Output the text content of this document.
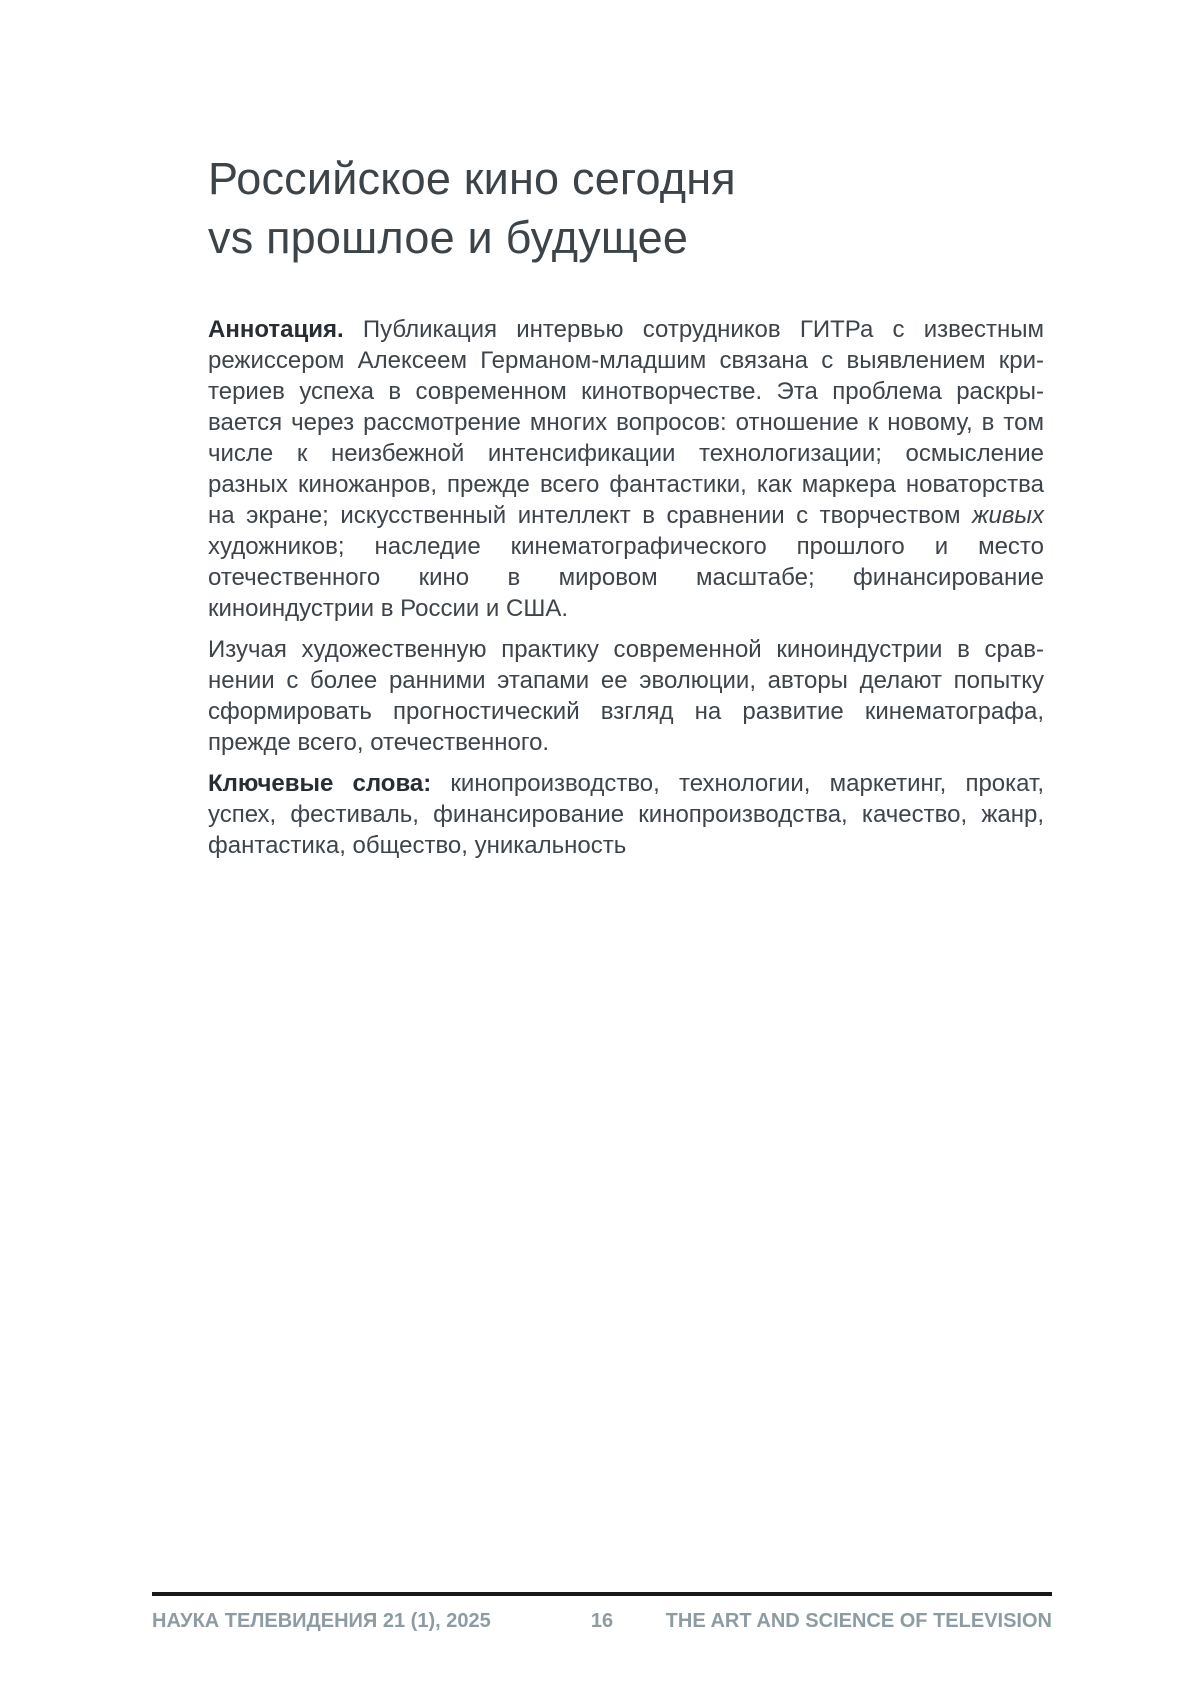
Российское кино сегодня
vs прошлое и будущее

Аннотация. Публикация интервью сотрудников ГИТРа с известным режиссером Алексеем Германом-младшим связана с выявлением критериев успеха в современном кинотворчестве. Эта проблема раскрывается через рассмотрение многих вопросов: отношение к новому, в том числе к неизбежной интенсификации технологизации; осмысление разных киножанров, прежде всего фантастики, как маркера новаторства на экране; искусственный интеллект в сравнении с творчеством живых художников; наследие кинематографического прошлого и место отечественного кино в мировом масштабе; финансирование киноиндустрии в России и США.

Изучая художественную практику современной киноиндустрии в сравнении с более ранними этапами ее эволюции, авторы делают попытку сформировать прогностический взгляд на развитие кинематографа, прежде всего, отечественного.

Ключевые слова: кинопроизводство, технологии, маркетинг, прокат, успех, фестиваль, финансирование кинопроизводства, качество, жанр, фантастика, общество, уникальность

НАУКА ТЕЛЕВИДЕНИЯ 21 (1), 2025	16	THE ART AND SCIENCE OF TELEVISION
